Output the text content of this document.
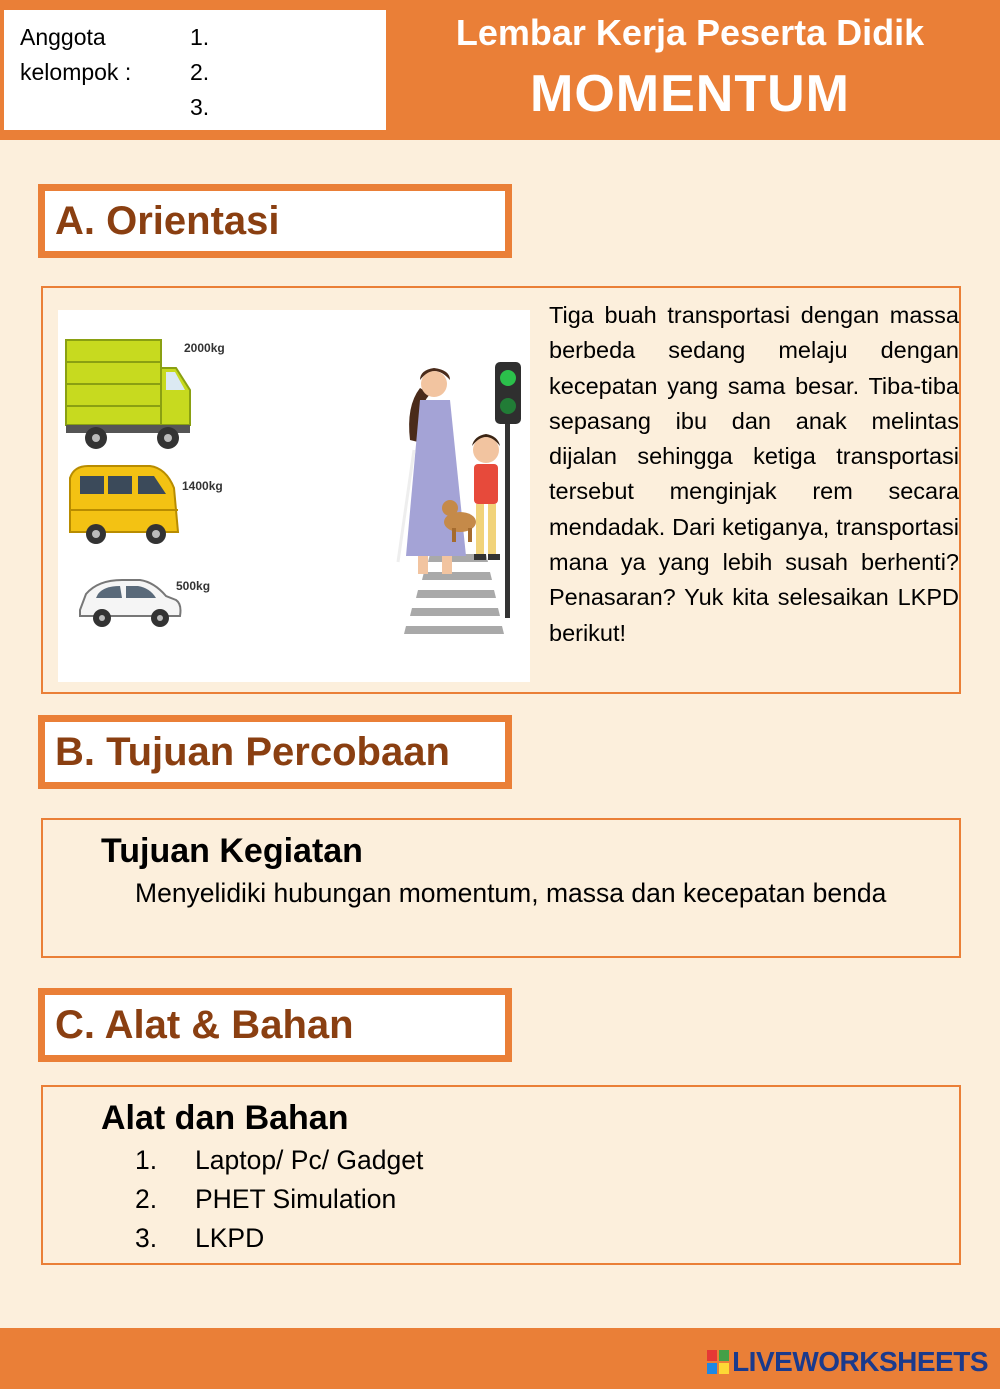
Anggota
kelompok :
1.
2.
3.
Lembar Kerja Peserta Didik
MOMENTUM
A. Orientasi
2000kg
1400kg
500kg
Tiga buah transportasi dengan massa berbeda sedang melaju dengan kecepatan yang sama besar. Tiba-tiba sepasang ibu dan anak melintas dijalan sehingga ketiga transportasi tersebut menginjak rem secara mendadak. Dari ketiganya, transportasi mana ya yang lebih susah berhenti? Penasaran? Yuk kita selesaikan LKPD berikut!
B. Tujuan Percobaan
Tujuan Kegiatan
Menyelidiki hubungan momentum, massa dan kecepatan benda
C. Alat & Bahan
Alat dan Bahan
1.	Laptop/ Pc/ Gadget
2.	PHET Simulation
3.	LKPD
LIVEWORKSHEETS
